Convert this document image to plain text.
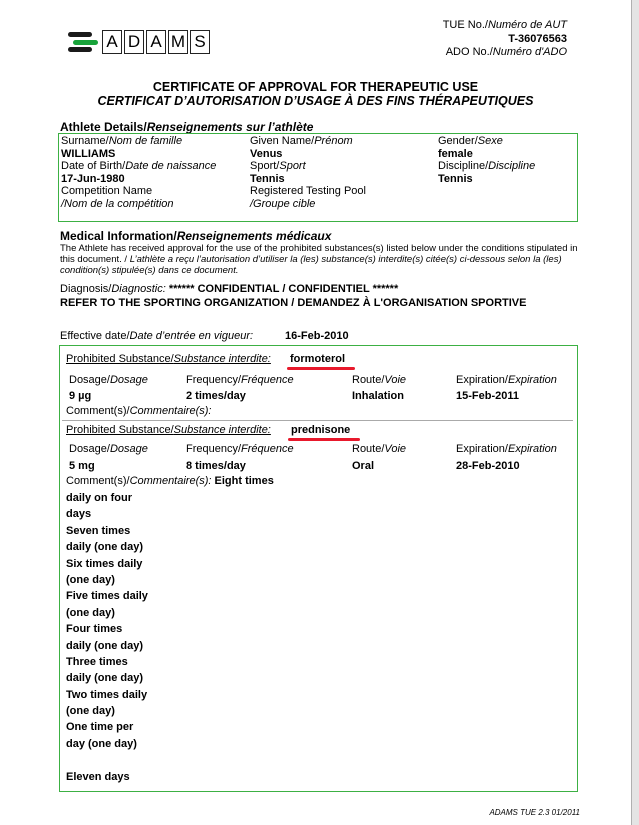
A D A M S
TUE No./Numéro de AUT
T-36076563
ADO No./Numéro d'ADO
CERTIFICATE OF APPROVAL FOR THERAPEUTIC USE
CERTIFICAT D’AUTORISATION D’USAGE À DES FINS THÉRAPEUTIQUES
Athlete Details/Renseignements sur l’athlète
Surname/Nom de famille
WILLIAMS
Given Name/Prénom
Venus
Gender/Sexe
female
Date of Birth/Date de naissance
17-Jun-1980
Sport/Sport
Tennis
Discipline/Discipline
Tennis
Competition Name
/Nom de la compétition
Registered Testing Pool
/Groupe cible
Medical Information/Renseignements médicaux
The Athlete has received approval for the use of the prohibited substances(s) listed below under the conditions stipulated in this document. / L’athlète a reçu l’autorisation d’utiliser la (les) substance(s) interdite(s) citée(s) ci-dessous selon la (les) condition(s) stipulée(s) dans ce document.
Diagnosis/Diagnostic: ****** CONFIDENTIAL / CONFIDENTIEL ******
REFER TO THE SPORTING ORGANIZATION / DEMANDEZ À L'ORGANISATION SPORTIVE
Effective date/Date d’entrée en vigueur:	16-Feb-2010
Prohibited Substance/Substance interdite: formoterol
Dosage/Dosage
9 µg
Frequency/Fréquence
2 times/day
Route/Voie
Inhalation
Expiration/Expiration
15-Feb-2011
Comment(s)/Commentaire(s):
Prohibited Substance/Substance interdite: prednisone
Dosage/Dosage
5 mg
Frequency/Fréquence
8 times/day
Route/Voie
Oral
Expiration/Expiration
28-Feb-2010
Comment(s)/Commentaire(s): Eight times
daily on four
days
Seven times
daily (one day)
Six times daily
(one day)
Five times daily
(one day)
Four times
daily (one day)
Three times
daily (one day)
Two times daily
(one day)
One time per
day (one day)
Eleven days
ADAMS TUE 2.3 01/2011
